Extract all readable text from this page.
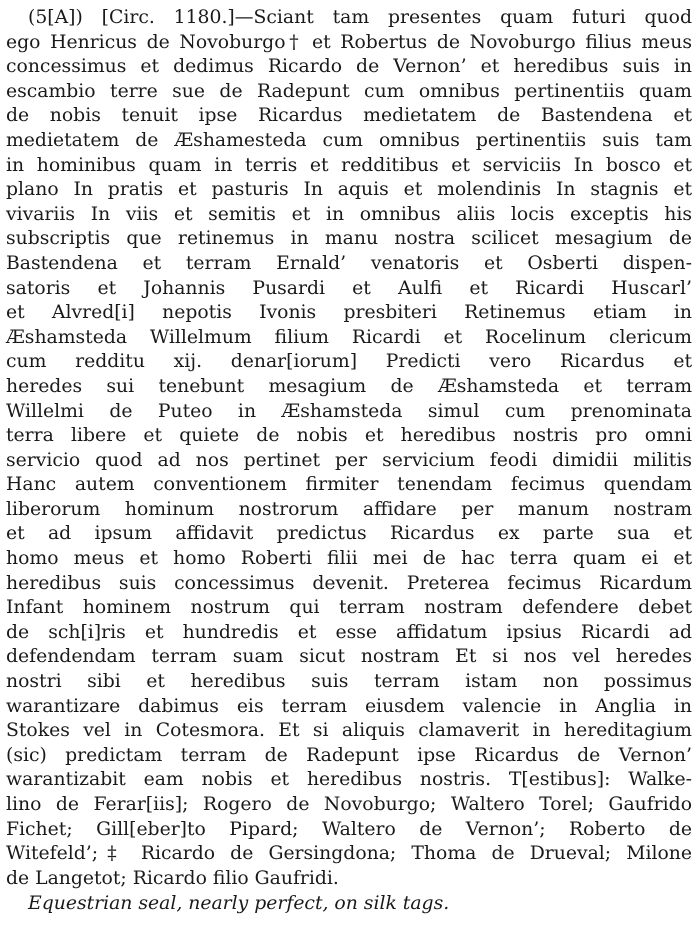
(5[A]) [Circ. 1180.]—Sciant tam presentes quam futuri quod
ego Henricus de Novoburgo† et Robertus de Novoburgo filius meus
concessimus et dedimus Ricardo de Vernon’ et heredibus suis in
escambio terre sue de Radepunt cum omnibus pertinentiis quam
de nobis tenuit ipse Ricardus medietatem de Bastendena et
medietatem de Æshamesteda cum omnibus pertinentiis suis tam
in hominibus quam in terris et redditibus et serviciis In bosco et
plano In pratis et pasturis In aquis et molendinis In stagnis et
vivariis In viis et semitis et in omnibus aliis locis exceptis his
subscriptis que retinemus in manu nostra scilicet mesagium de
Bastendena et terram Ernald’ venatoris et Osberti dispen-
satoris et Johannis Pusardi et Aulfi et Ricardi Huscarl’
et Alvred[i] nepotis Ivonis presbiteri Retinemus etiam in
Æshamsteda Willelmum filium Ricardi et Rocelinum clericum
cum redditu xij. denar[iorum] Predicti vero Ricardus et
heredes sui tenebunt mesagium de Æshamsteda et terram
Willelmi de Puteo in Æshamsteda simul cum prenominata
terra libere et quiete de nobis et heredibus nostris pro omni
servicio quod ad nos pertinet per servicium feodi dimidii militis
Hanc autem conventionem firmiter tenendam fecimus quendam
liberorum hominum nostrorum affidare per manum nostram
et ad ipsum affidavit predictus Ricardus ex parte sua et
homo meus et homo Roberti filii mei de hac terra quam ei et
heredibus suis concessimus devenit. Preterea fecimus Ricardum
Infant hominem nostrum qui terram nostram defendere debet
de sch[i]ris et hundredis et esse affidatum ipsius Ricardi ad
defendendam terram suam sicut nostram Et si nos vel heredes
nostri sibi et heredibus suis terram istam non possimus
warantizare dabimus eis terram eiusdem valencie in Anglia in
Stokes vel in Cotesmora. Et si aliquis clamaverit in hereditagium
(sic) predictam terram de Radepunt ipse Ricardus de Vernon’
warantizabit eam nobis et heredibus nostris. T[estibus]: Walke-
lino de Ferar[iis]; Rogero de Novoburgo; Waltero Torel; Gaufrido
Fichet; Gill[eber]to Pipard; Waltero de Vernon’; Roberto de
Witefeld’;‡ Ricardo de Gersingdona; Thoma de Drueval; Milone
de Langetot; Ricardo filio Gaufridi.
Equestrian seal, nearly perfect, on silk tags.
